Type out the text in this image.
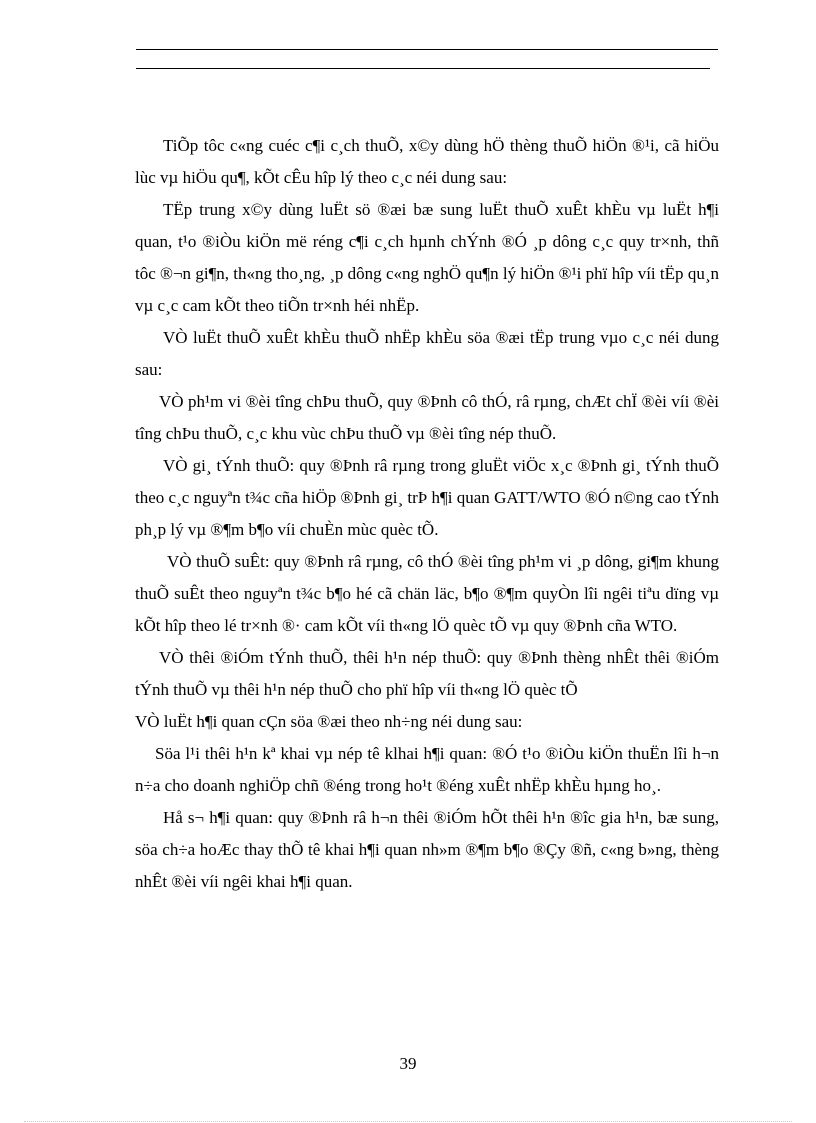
TiÕp tôc c«ng cuéc c¶i c¸ch thuÕ, x©y dùng hÖ thèng thuÕ hiÖn ®¹i, cã hiÖu lùc vµ hiÖu qu¶, kÕt cÊu hîp lý theo c¸c néi dung sau:

TËp trung x©y dùng luËt sö ®æi bæ sung luËt thuÕ xuÊt khÈu vµ luËt h¶i quan, t¹o ®iÒu kiÖn më réng c¶i c¸ch hµnh chÝnh ®Ó ¸p dông c¸c quy tr×nh, thñ tôc ®¬n gi¶n, th«ng tho¸ng, ¸p dông c«ng nghÖ qu¶n lý hiÖn ®¹i phï hîp víi tËp qu¸n vµ c¸c cam kÕt theo tiÕn tr×nh héi nhËp.

VÒ luËt thuÕ xuÊt khÈu thuÕ nhËp khÈu söa ®æi tËp trung vµo c¸c néi dung sau:

VÒ ph¹m vi ®èi tîng chÞu thuÕ, quy ®Þnh cô thÓ, râ rµng, chÆt chÏ ®èi víi ®èi tîng chÞu thuÕ, c¸c khu vùc chÞu thuÕ vµ ®èi tîng nép thuÕ.

VÒ gi¸ tÝnh thuÕ: quy ®Þnh râ rµng trong gluËt viÖc x¸c ®Þnh gi¸ tÝnh thuÕ theo c¸c nguyªn t¾c cña hiÖp ®Þnh gi¸ trÞ h¶i quan GATT/WTO ®Ó n©ng cao tÝnh ph¸p lý vµ ®¶m b¶o víi chuÈn mùc quèc tÕ.

VÒ thuÕ suÊt: quy ®Þnh râ rµng, cô thÓ ®èi tîng ph¹m vi ¸p dông, gi¶m khung thuÕ suÊt theo nguyªn t¾c b¶o hé cã chän läc, b¶o ®¶m quyÒn lîi ngêi tiªu dïng vµ kÕt hîp theo lé tr×nh ®· cam kÕt víi th«ng lÖ quèc tÕ vµ quy ®Þnh cña WTO.

VÒ thêi ®iÓm tÝnh thuÕ, thêi h¹n nép thuÕ: quy ®Þnh thèng nhÊt thêi ®iÓm tÝnh thuÕ vµ thêi h¹n nép thuÕ cho phï hîp víi th«ng lÖ quèc tÕ

VÒ luËt h¶i quan cÇn söa ®æi theo nh÷ng néi dung sau:

Söa l¹i thêi h¹n kª khai vµ nép tê klhai h¶i quan: ®Ó t¹o ®iÒu kiÖn thuËn lîi h¬n n÷a cho doanh nghiÖp chñ ®éng trong ho¹t ®éng xuÊt nhËp khÈu hµng ho¸.

Hå s¬ h¶i quan: quy ®Þnh râ h¬n thêi ®iÓm hÕt thêi h¹n ®îc gia h¹n, bæ sung, söa ch÷a hoÆc thay thÕ tê khai h¶i quan nh»m ®¶m b¶o ®Çy ®ñ, c«ng b»ng, thèng nhÊt ®èi víi ngêi khai h¶i quan.

39
